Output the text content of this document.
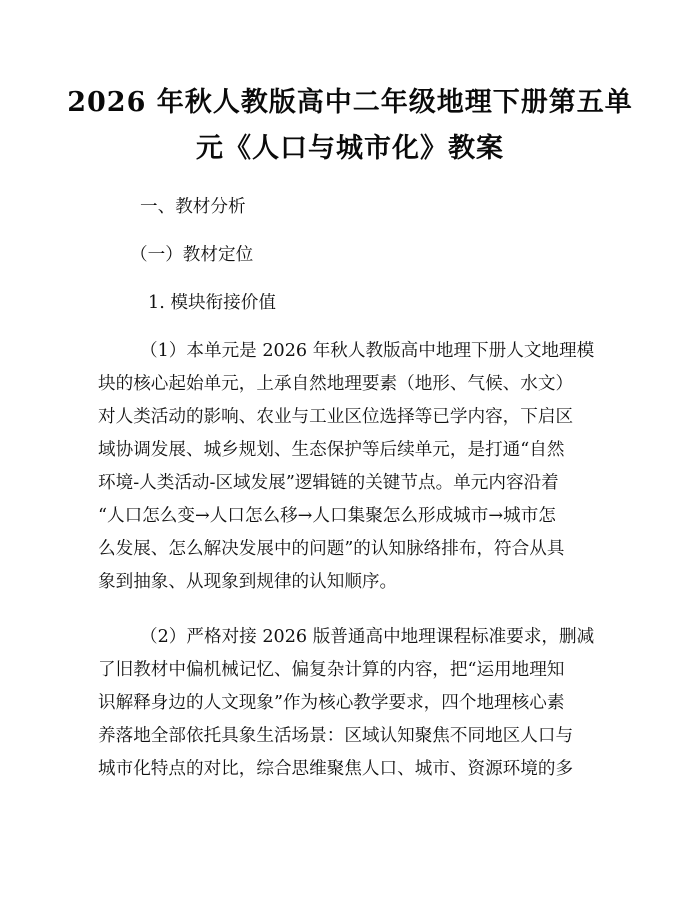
2026 年秋人教版高中二年级地理下册第五单
元《人口与城市化》教案
一、教材分析
（一）教材定位
1. 模块衔接价值
（1）本单元是 2026 年秋人教版高中地理下册人文地理模
块的核心起始单元，上承自然地理要素（地形、气候、水文）
对人类活动的影响、农业与工业区位选择等已学内容，下启区
域协调发展、城乡规划、生态保护等后续单元，是打通“自然
环境-人类活动-区域发展”逻辑链的关键节点。单元内容沿着
“人口怎么变→人口怎么移→人口集聚怎么形成城市→城市怎
么发展、怎么解决发展中的问题”的认知脉络排布，符合从具
象到抽象、从现象到规律的认知顺序。
（2）严格对接 2026 版普通高中地理课程标准要求，删减
了旧教材中偏机械记忆、偏复杂计算的内容，把“运用地理知
识解释身边的人文现象”作为核心教学要求，四个地理核心素
养落地全部依托具象生活场景：区域认知聚焦不同地区人口与
城市化特点的对比，综合思维聚焦人口、城市、资源环境的多
